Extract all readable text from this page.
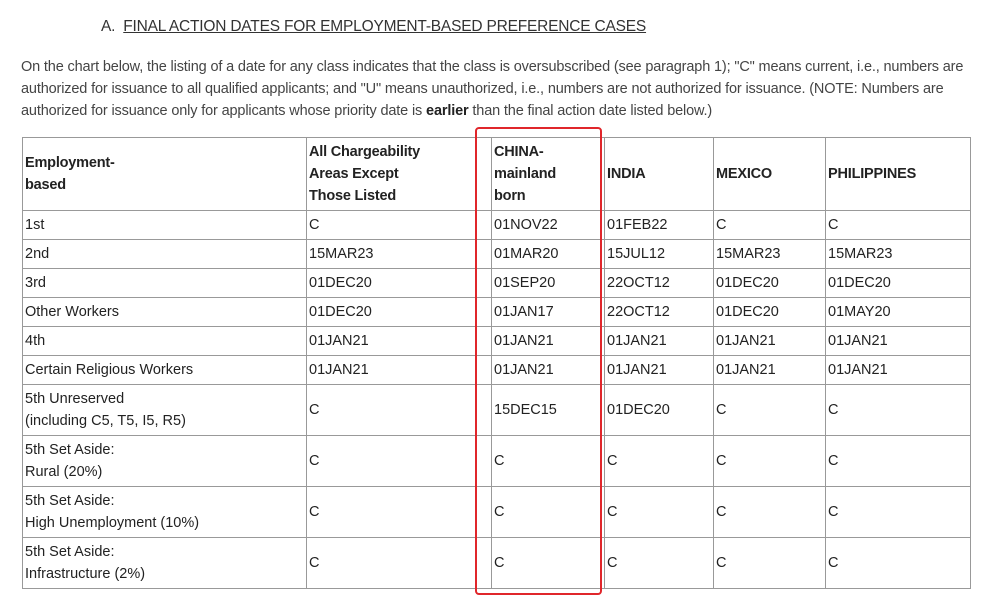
A. FINAL ACTION DATES FOR EMPLOYMENT-BASED PREFERENCE CASES

On the chart below, the listing of a date for any class indicates that the class is oversubscribed (see paragraph 1); "C" means current, i.e., numbers are authorized for issuance to all qualified applicants; and "U" means unauthorized, i.e., numbers are not authorized for issuance. (NOTE: Numbers are authorized for issuance only for applicants whose priority date is earlier than the final action date listed below.)

Employment-
based	All Chargeability
Areas Except
Those Listed	CHINA-
mainland
born	INDIA	MEXICO	PHILIPPINES

1st	C	01NOV22	01FEB22	C	C

2nd	15MAR23	01MAR20	15JUL12	15MAR23	15MAR23

3rd	01DEC20	01SEP20	22OCT12	01DEC20	01DEC20

Other Workers	01DEC20	01JAN17	22OCT12	01DEC20	01MAY20

4th	01JAN21	01JAN21	01JAN21	01JAN21	01JAN21

Certain Religious Workers	01JAN21	01JAN21	01JAN21	01JAN21	01JAN21

5th Unreserved
(including C5, T5, I5, R5)	C	15DEC15	01DEC20	C	C

5th Set Aside:
Rural (20%)	C	C	C	C	C

5th Set Aside:
High Unemployment (10%)	C	C	C	C	C

5th Set Aside:
Infrastructure (2%)	C	C	C	C	C
